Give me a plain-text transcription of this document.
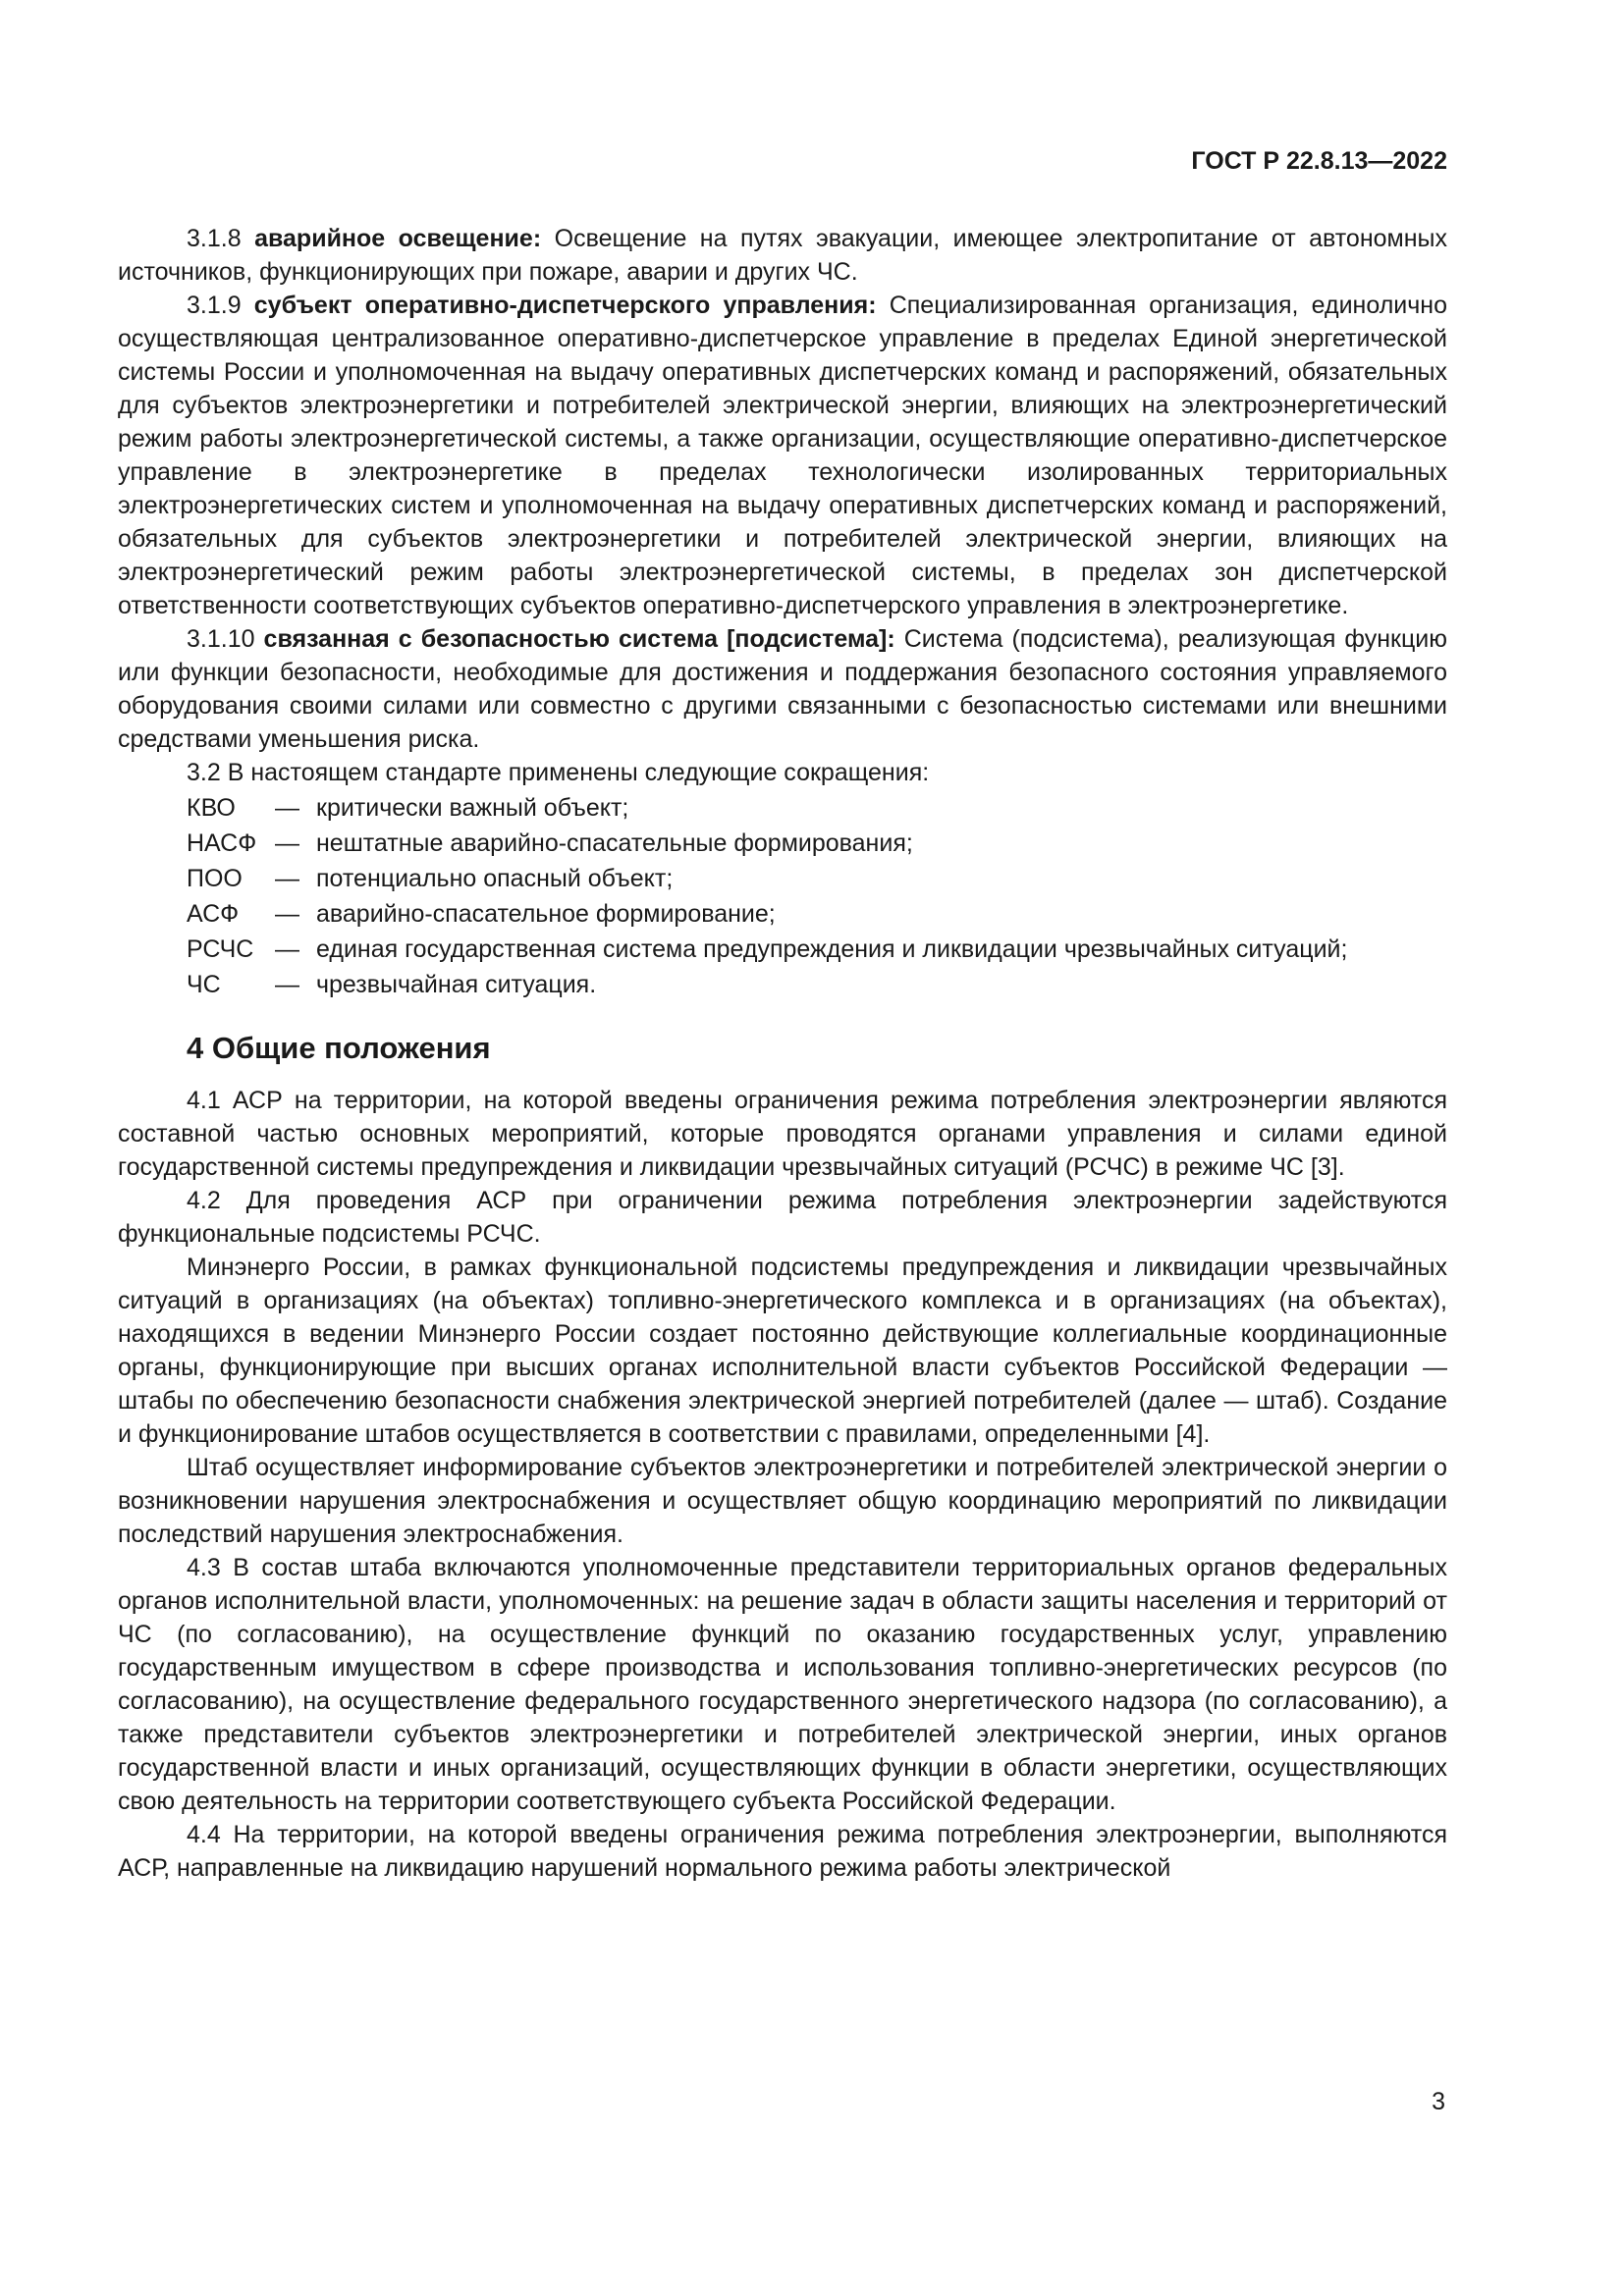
ГОСТ Р 22.8.13—2022

3.1.8 аварийное освещение: Освещение на путях эвакуации, имеющее электропитание от автономных источников, функционирующих при пожаре, аварии и других ЧС.

3.1.9 субъект оперативно-диспетчерского управления: Специализированная организация, единолично осуществляющая централизованное оперативно-диспетчерское управление в пределах Единой энергетической системы России и уполномоченная на выдачу оперативных диспетчерских команд и распоряжений, обязательных для субъектов электроэнергетики и потребителей электрической энергии, влияющих на электроэнергетический режим работы электроэнергетической системы, а также организации, осуществляющие оперативно-диспетчерское управление в электроэнергетике в пределах технологически изолированных территориальных электроэнергетических систем и уполномоченная на выдачу оперативных диспетчерских команд и распоряжений, обязательных для субъектов электроэнергетики и потребителей электрической энергии, влияющих на электроэнергетический режим работы электроэнергетической системы, в пределах зон диспетчерской ответственности соответствующих субъектов оперативно-диспетчерского управления в электроэнергетике.

3.1.10 связанная с безопасностью система [подсистема]: Система (подсистема), реализующая функцию или функции безопасности, необходимые для достижения и поддержания безопасного состояния управляемого оборудования своими силами или совместно с другими связанными с безопасностью системами или внешними средствами уменьшения риска.

3.2 В настоящем стандарте применены следующие сокращения:

КВО	— критически важный объект;
НАСФ — нештатные аварийно-спасательные формирования;
ПОО	— потенциально опасный объект;
АСФ	— аварийно-спасательное формирование;
РСЧС — единая государственная система предупреждения и ликвидации чрезвычайных ситуаций;
ЧС	— чрезвычайная ситуация.
4 Общие положения

4.1 АСР на территории, на которой введены ограничения режима потребления электроэнергии являются составной частью основных мероприятий, которые проводятся органами управления и силами единой государственной системы предупреждения и ликвидации чрезвычайных ситуаций (РСЧС) в режиме ЧС [3].

4.2 Для проведения АСР при ограничении режима потребления электроэнергии задействуются функциональные подсистемы РСЧС.

Минэнерго России, в рамках функциональной подсистемы предупреждения и ликвидации чрезвычайных ситуаций в организациях (на объектах) топливно-энергетического комплекса и в организациях (на объектах), находящихся в ведении Минэнерго России создает постоянно действующие коллегиальные координационные органы, функционирующие при высших органах исполнительной власти субъектов Российской Федерации — штабы по обеспечению безопасности снабжения электрической энергией потребителей (далее — штаб). Создание и функционирование штабов осуществляется в соответствии с правилами, определенными [4].

Штаб осуществляет информирование субъектов электроэнергетики и потребителей электрической энергии о возникновении нарушения электроснабжения и осуществляет общую координацию мероприятий по ликвидации последствий нарушения электроснабжения.

4.3 В состав штаба включаются уполномоченные представители территориальных органов федеральных органов исполнительной власти, уполномоченных: на решение задач в области защиты населения и территорий от ЧС (по согласованию), на осуществление функций по оказанию государственных услуг, управлению государственным имуществом в сфере производства и использования топливно-энергетических ресурсов (по согласованию), на осуществление федерального государственного энергетического надзора (по согласованию), а также представители субъектов электроэнергетики и потребителей электрической энергии, иных органов государственной власти и иных организаций, осуществляющих функции в области энергетики, осуществляющих свою деятельность на территории соответствующего субъекта Российской Федерации.

4.4 На территории, на которой введены ограничения режима потребления электроэнергии, выполняются АСР, направленные на ликвидацию нарушений нормального режима работы электрической

3
